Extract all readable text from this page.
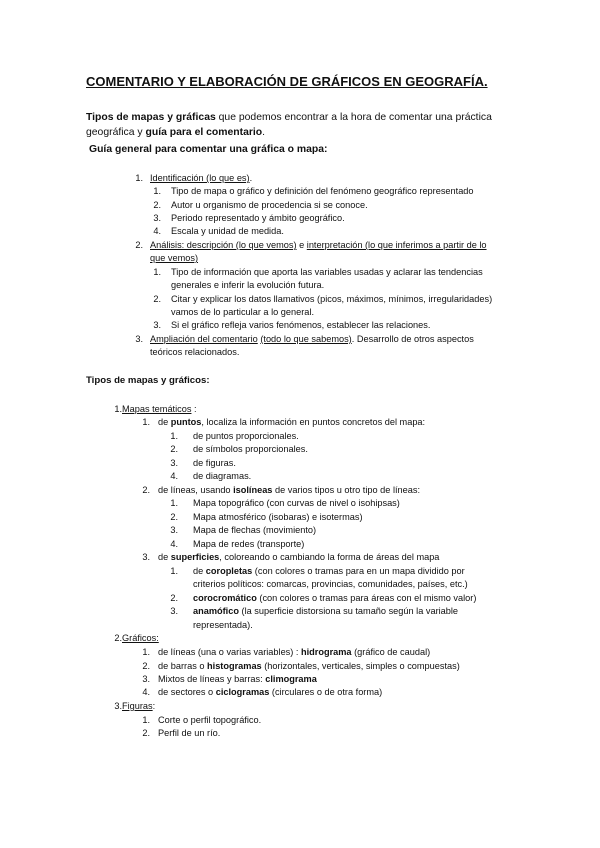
COMENTARIO Y ELABORACIÓN DE GRÁFICOS EN GEOGRAFÍA.
Tipos de mapas y gráficas que podemos encontrar a la hora de comentar una práctica geográfica y guía para el comentario.
Guía general para comentar una gráfica o mapa:
1. Identificación (lo que es).
1. Tipo de mapa o gráfico y definición del fenómeno geográfico representado
2. Autor u organismo de procedencia si se conoce.
3. Periodo representado y ámbito geográfico.
4. Escala y unidad de medida.
2. Análisis: descripción (lo que vemos) e interpretación (lo que inferimos a partir de lo
que vemos)
1. Tipo de información que aporta las variables usadas y aclarar las tendencias
generales e inferir la evolución futura.
2. Citar y explicar los datos llamativos (picos, máximos, mínimos, irregularidades)
vamos de lo particular a lo general.
3. Si el gráfico refleja varios fenómenos, establecer las relaciones.
3. Ampliación del comentario (todo lo que sabemos). Desarrollo de otros aspectos
teóricos relacionados.
Tipos de mapas y gráficos:
1. Mapas temáticos :
1. de puntos, localiza la información en puntos concretos del mapa:
1. de puntos proporcionales.
2. de símbolos proporcionales.
3. de figuras.
4. de diagramas.
2. de líneas, usando isolíneas de varios tipos u otro tipo de líneas:
1. Mapa topográfico (con curvas de nivel o isohipsas)
2. Mapa atmosférico (isobaras) e isotermas)
3. Mapa de flechas (movimiento)
4. Mapa de redes (transporte)
3. de superficies, coloreando o cambiando la forma de áreas del mapa
1. de coropletas (con colores o tramas para en un mapa dividido por
criterios políticos: comarcas, provincias, comunidades, países, etc.)
2. corocromático (con colores o tramas para áreas con el mismo valor)
3. anamófico (la superficie distorsiona su tamaño según la variable
representada).
2. Gráficos:
1. de líneas (una o varias variables) : hidrograma (gráfico de caudal)
2. de barras o histogramas (horizontales, verticales, simples o compuestas)
3. Mixtos de líneas y barras: climograma
4. de sectores o ciclogramas (circulares o de otra forma)
3. Figuras:
1. Corte o perfil topográfico.
2. Perfil de un río.
